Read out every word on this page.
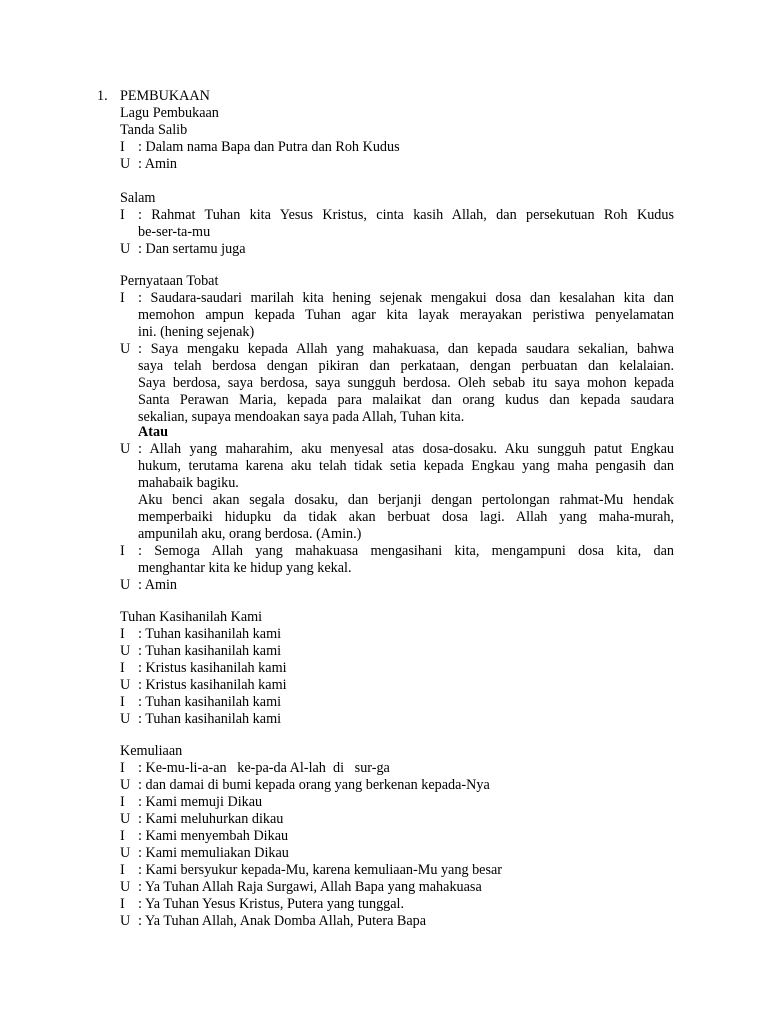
1. PEMBUKAAN
Lagu Pembukaan
Tanda Salib
I : Dalam nama Bapa dan Putra dan Roh Kudus
U : Amin
Salam
I : Rahmat Tuhan kita Yesus Kristus, cinta kasih Allah, dan persekutuan Roh Kudus
be-ser-ta-mu
U : Dan sertamu juga
Pernyataan Tobat
I : Saudara-saudari marilah kita hening sejenak mengakui dosa dan kesalahan kita dan
memohon ampun kepada Tuhan agar kita layak merayakan peristiwa penyelamatan
ini. (hening sejenak)
U : Saya mengaku kepada Allah yang mahakuasa, dan kepada saudara sekalian, bahwa
saya telah berdosa dengan pikiran dan perkataan, dengan perbuatan dan kelalaian.
Saya berdosa, saya berdosa, saya sungguh berdosa. Oleh sebab itu saya mohon kepada
Santa Perawan Maria, kepada para malaikat dan orang kudus dan kepada saudara
sekalian, supaya mendoakan saya pada Allah, Tuhan kita.
Atau
U : Allah yang maharahim, aku menyesal atas dosa-dosaku. Aku sungguh patut Engkau
hukum, terutama karena aku telah tidak setia kepada Engkau yang maha pengasih dan
mahabaik bagiku.
Aku benci akan segala dosaku, dan berjanji dengan pertolongan rahmat-Mu hendak
memperbaiki hidupku da tidak akan berbuat dosa lagi. Allah yang maha-murah,
ampunilah aku, orang berdosa. (Amin.)
I : Semoga Allah yang mahakuasa mengasihani kita, mengampuni dosa kita, dan
menghantar kita ke hidup yang kekal.
U : Amin
Tuhan Kasihanilah Kami
I : Tuhan kasihanilah kami
U : Tuhan kasihanilah kami
I : Kristus kasihanilah kami
U : Kristus kasihanilah kami
I : Tuhan kasihanilah kami
U : Tuhan kasihanilah kami
Kemuliaan
I : Ke-mu-li-a-an   ke-pa-da Al-lah  di   sur-ga
U : dan damai di bumi kepada orang yang berkenan kepada-Nya
I : Kami memuji Dikau
U : Kami meluhurkan dikau
I : Kami menyembah Dikau
U : Kami memuliakan Dikau
I : Kami bersyukur kepada-Mu, karena kemuliaan-Mu yang besar
U : Ya Tuhan Allah Raja Surgawi, Allah Bapa yang mahakuasa
I : Ya Tuhan Yesus Kristus, Putera yang tunggal.
U : Ya Tuhan Allah, Anak Domba Allah, Putera Bapa
